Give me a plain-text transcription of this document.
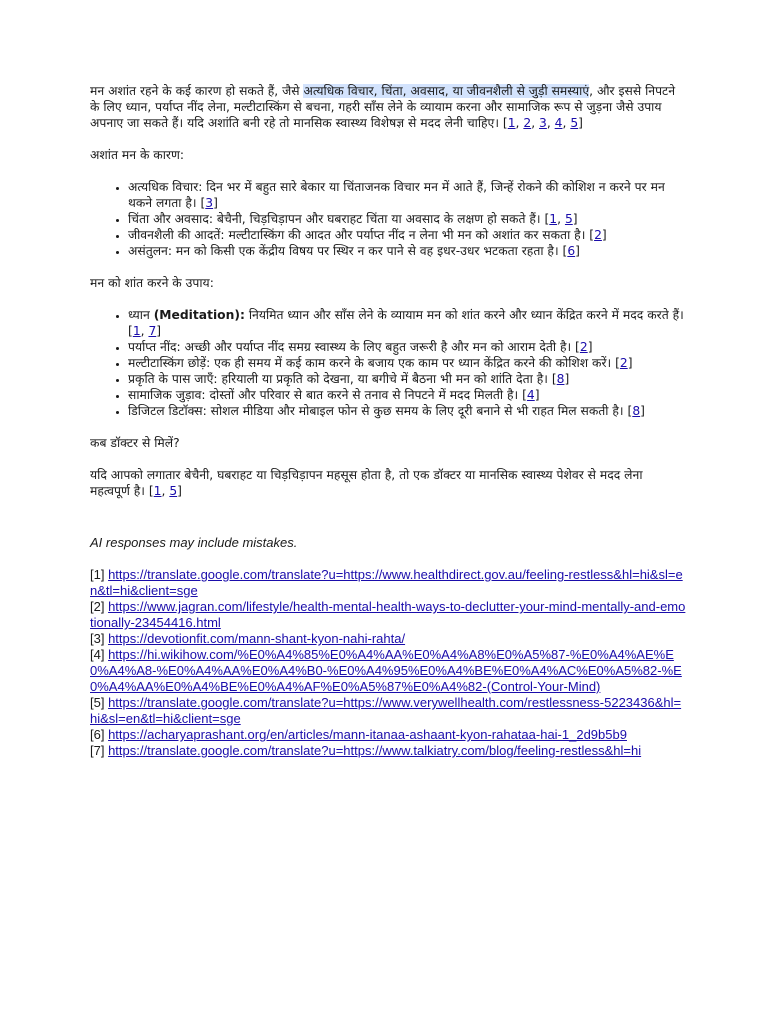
मन अशांत रहने के कई कारण हो सकते हैं, जैसे अत्यधिक विचार, चिंता, अवसाद, या जीवनशैली से जुड़ी समस्याएं, और इससे निपटने के लिए ध्यान, पर्याप्त नींद लेना, मल्टीटास्किंग से बचना, गहरी साँस लेने के व्यायाम करना और सामाजिक रूप से जुड़ना जैसे उपाय अपनाए जा सकते हैं। यदि अशांति बनी रहे तो मानसिक स्वास्थ्य विशेषज्ञ से मदद लेनी चाहिए। [1, 2, 3, 4, 5]

अशांत मन के कारण:

• अत्यधिक विचार: दिन भर में बहुत सारे बेकार या चिंताजनक विचार मन में आते हैं, जिन्हें रोकने की कोशिश न करने पर मन थकने लगता है। [3]
• चिंता और अवसाद: बेचैनी, चिड़चिड़ापन और घबराहट चिंता या अवसाद के लक्षण हो सकते हैं। [1, 5]
• जीवनशैली की आदतें: मल्टीटास्किंग की आदत और पर्याप्त नींद न लेना भी मन को अशांत कर सकता है। [2]
• असंतुलन: मन को किसी एक केंद्रीय विषय पर स्थिर न कर पाने से वह इधर-उधर भटकता रहता है। [6]

मन को शांत करने के उपाय:

• ध्यान (Meditation): नियमित ध्यान और साँस लेने के व्यायाम मन को शांत करने और ध्यान केंद्रित करने में मदद करते हैं। [1, 7]
• पर्याप्त नींद: अच्छी और पर्याप्त नींद समग्र स्वास्थ्य के लिए बहुत जरूरी है और मन को आराम देती है। [2]
• मल्टीटास्किंग छोड़ें: एक ही समय में कई काम करने के बजाय एक काम पर ध्यान केंद्रित करने की कोशिश करें। [2]
• प्रकृति के पास जाएँ: हरियाली या प्रकृति को देखना, या बगीचे में बैठना भी मन को शांति देता है। [8]
• सामाजिक जुड़ाव: दोस्तों और परिवार से बात करने से तनाव से निपटने में मदद मिलती है। [4]
• डिजिटल डिटॉक्स: सोशल मीडिया और मोबाइल फोन से कुछ समय के लिए दूरी बनाने से भी राहत मिल सकती है। [8]

कब डॉक्टर से मिलें?

यदि आपको लगातार बेचैनी, घबराहट या चिड़चिड़ापन महसूस होता है, तो एक डॉक्टर या मानसिक स्वास्थ्य पेशेवर से मदद लेना महत्वपूर्ण है। [1, 5]

AI responses may include mistakes.

[1] https://translate.google.com/translate?u=https://www.healthdirect.gov.au/feeling-restless&hl=hi&sl=en&tl=hi&client=sge
[2] https://www.jagran.com/lifestyle/health-mental-health-ways-to-declutter-your-mind-mentally-and-emotionally-23454416.html
[3] https://devotionfit.com/mann-shant-kyon-nahi-rahta/
[4] https://hi.wikihow.com/%E0%A4%85%E0%A4%AA%E0%A4%A8%E0%A5%87-%E0%A4%AE%E0%A4%A8-%E0%A4%AA%E0%A4%B0-%E0%A4%95%E0%A4%BE%E0%A4%AC%E0%A5%82-%E0%A4%AA%E0%A4%BE%E0%A4%AF%E0%A5%87%E0%A4%82-(Control-Your-Mind)
[5] https://translate.google.com/translate?u=https://www.verywellhealth.com/restlessness-5223436&hl=hi&sl=en&tl=hi&client=sge
[6] https://acharyaprashant.org/en/articles/mann-itanaa-ashaant-kyon-rahataa-hai-1_2d9b5b9
[7] https://translate.google.com/translate?u=https://www.talkiatry.com/blog/feeling-restless&hl=hi
